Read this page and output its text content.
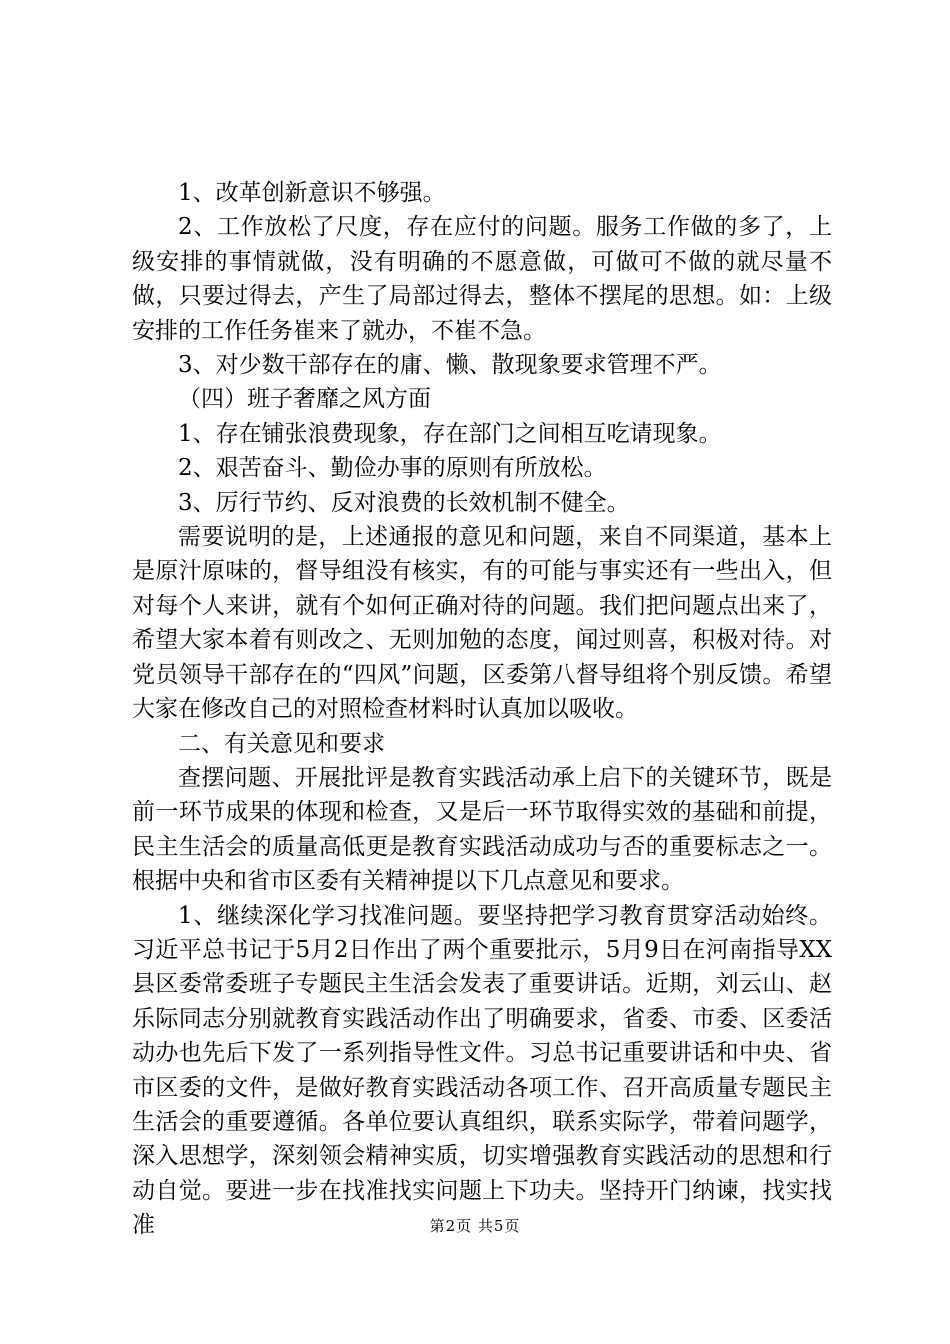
1、改革创新意识不够强。

2、工作放松了尺度，存在应付的问题。服务工作做的多了，上级安排的事情就做，没有明确的不愿意做，可做可不做的就尽量不做，只要过得去，产生了局部过得去，整体不摆尾的思想。如：上级安排的工作任务崔来了就办，不崔不急。

3、对少数干部存在的庸、懒、散现象要求管理不严。

（四）班子奢靡之风方面

1、存在铺张浪费现象，存在部门之间相互吃请现象。

2、艰苦奋斗、勤俭办事的原则有所放松。

3、厉行节约、反对浪费的长效机制不健全。

需要说明的是，上述通报的意见和问题，来自不同渠道，基本上是原汁原味的，督导组没有核实，有的可能与事实还有一些出入，但对每个人来讲，就有个如何正确对待的问题。我们把问题点出来了，希望大家本着有则改之、无则加勉的态度，闻过则喜，积极对待。对党员领导干部存在的“四风”问题，区委第八督导组将个别反馈。希望大家在修改自己的对照检查材料时认真加以吸收。

二、有关意见和要求

查摆问题、开展批评是教育实践活动承上启下的关键环节，既是前一环节成果的体现和检查，又是后一环节取得实效的基础和前提，民主生活会的质量高低更是教育实践活动成功与否的重要标志之一。根据中央和省市区委有关精神提以下几点意见和要求。

1、继续深化学习找准问题。要坚持把学习教育贯穿活动始终。习近平总书记于5月2日作出了两个重要批示，5月9日在河南指导XX县区委常委班子专题民主生活会发表了重要讲话。近期，刘云山、赵乐际同志分别就教育实践活动作出了明确要求，省委、市委、区委活动办也先后下发了一系列指导性文件。习总书记重要讲话和中央、省市区委的文件，是做好教育实践活动各项工作、召开高质量专题民主生活会的重要遵循。各单位要认真组织，联系实际学，带着问题学，深入思想学，深刻领会精神实质，切实增强教育实践活动的思想和行动自觉。要进一步在找准找实问题上下功夫。坚持开门纳谏，找实找准	第2页 共5页
